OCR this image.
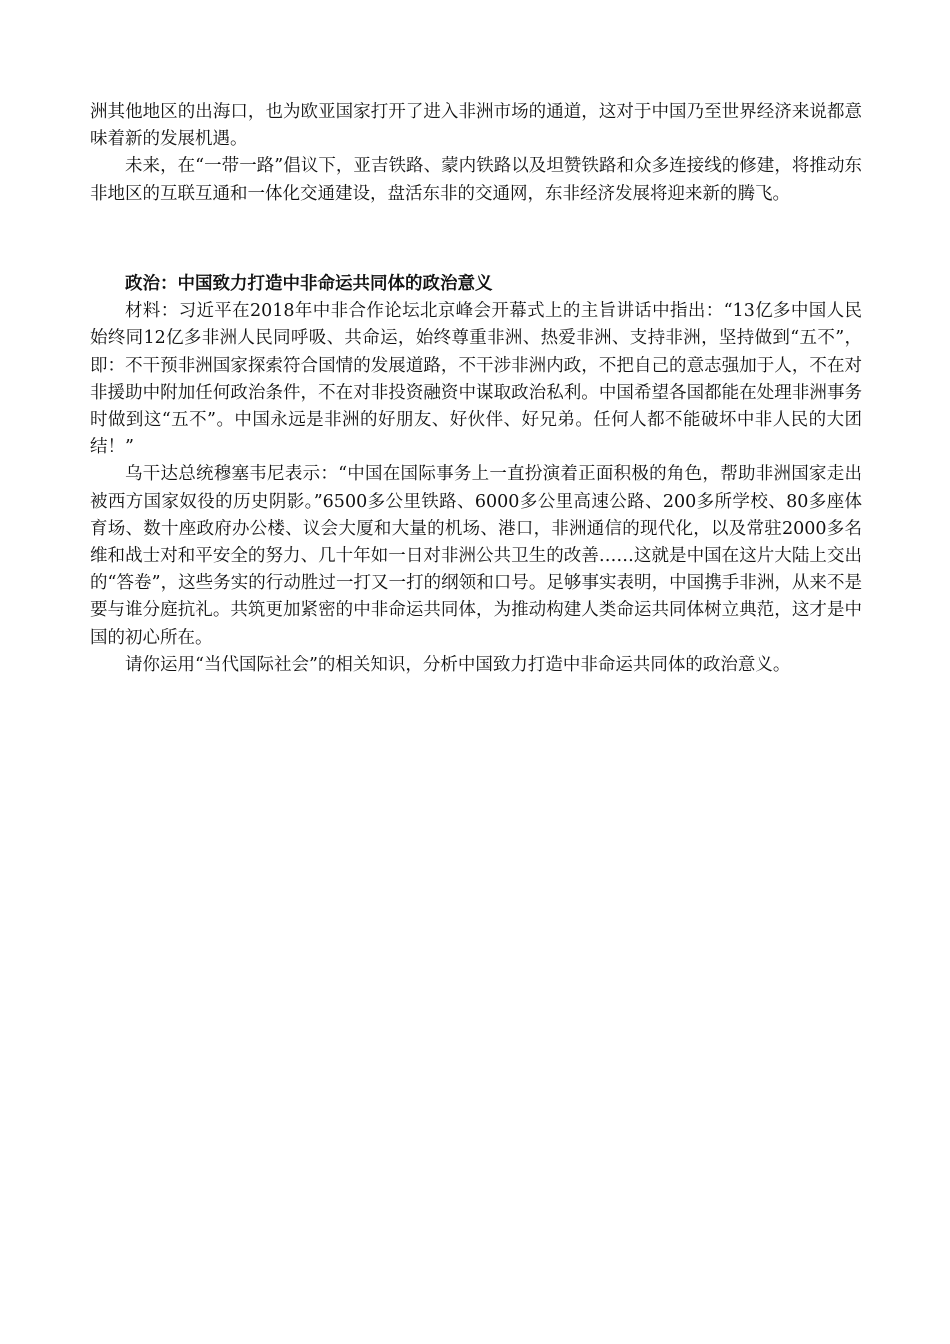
洲其他地区的出海口，也为欧亚国家打开了进入非洲市场的通道，这对于中国乃至世界经济来说都意味着新的发展机遇。

未来，在“一带一路”倡议下，亚吉铁路、蒙内铁路以及坦赞铁路和众多连接线的修建，将推动东非地区的互联互通和一体化交通建设，盘活东非的交通网，东非经济发展将迎来新的腾飞。

政治：中国致力打造中非命运共同体的政治意义

材料：习近平在2018年中非合作论坛北京峰会开幕式上的主旨讲话中指出：“13亿多中国人民始终同12亿多非洲人民同呼吸、共命运，始终尊重非洲、热爱非洲、支持非洲，坚持做到“五不”，即：不干预非洲国家探索符合国情的发展道路，不干涉非洲内政，不把自己的意志强加于人，不在对非援助中附加任何政治条件，不在对非投资融资中谋取政治私利。中国希望各国都能在处理非洲事务时做到这“五不”。中国永远是非洲的好朋友、好伙伴、好兄弟。任何人都不能破坏中非人民的大团结！”

乌干达总统穆塞韦尼表示：“中国在国际事务上一直扮演着正面积极的角色，帮助非洲国家走出被西方国家奴役的历史阴影。”6500多公里铁路、6000多公里高速公路、200多所学校、80多座体育场、数十座政府办公楼、议会大厦和大量的机场、港口，非洲通信的现代化，以及常驻2000多名维和战士对和平安全的努力、几十年如一日对非洲公共卫生的改善……这就是中国在这片大陆上交出的“答卷”，这些务实的行动胜过一打又一打的纲领和口号。足够事实表明，中国携手非洲，从来不是要与谁分庭抗礼。共筑更加紧密的中非命运共同体，为推动构建人类命运共同体树立典范，这才是中国的初心所在。

请你运用“当代国际社会”的相关知识，分析中国致力打造中非命运共同体的政治意义。
